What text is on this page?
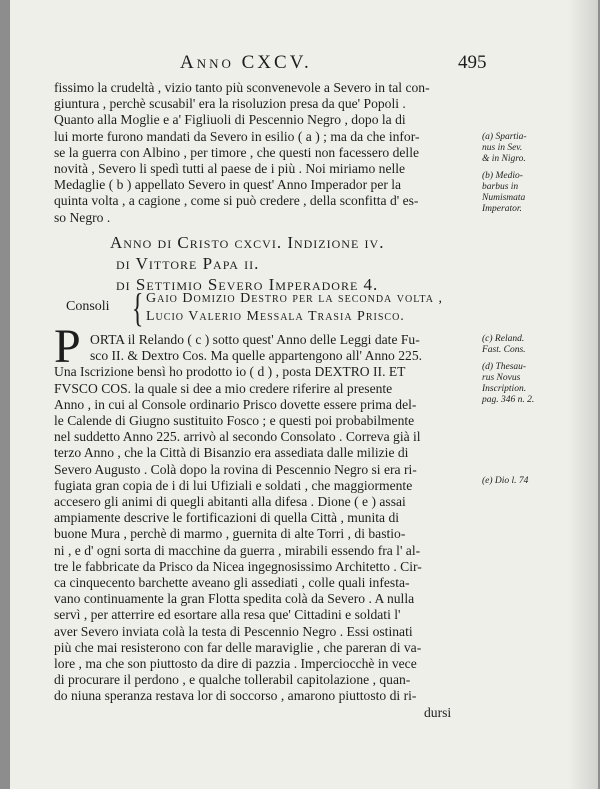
Anno CXCV.	495
fissimo la crudeltà , vizio tanto più sconvenevole a Severo in tal con-
giuntura , perchè scusabil' era la risoluzion presa da que' Popoli .
Quanto alla Moglie e a' Figliuoli di Pescennio Negro , dopo la di
lui morte furono mandati da Severo in esilio ( a ) ; ma da che infor-
se la guerra con Albino , per timore , che questi non facessero delle
novità , Severo li spedì tutti al paese de i più . Noi miriamo nelle
Medaglie ( b ) appellato Severo in quest' Anno Imperador per la
quinta volta , a cagione , come si può credere , della sconfitta d' es-
so Negro .
(a) Spartia-
nus in Sev.
& in Nigro.
(b) Medio-
barbus in
Numismata
Imperator.
Anno di Cristo cxcvi. Indizione iv.
di Vittore Papa ii.
di Settimio Severo Imperadore 4.
Consoli { Gaio Domizio Destro per la seconda volta ,
Lucio Valerio Messala Trasia Prisco.
P ORTA il Relando ( c ) sotto quest' Anno delle Leggi date Fu-
sco II. & Dextro Cos. Ma quelle appartengono all' Anno 225.
Una Iscrizione bensì ho prodotto io ( d ) , posta DEXTRO II. ET
FVSCO COS. la quale si dee a mio credere riferire al presente
Anno , in cui al Console ordinario Prisco dovette essere prima del-
le Calende di Giugno sustituito Fosco ; e questi poi probabilmente
nel suddetto Anno 225. arrivò al secondo Consolato . Correva già il
terzo Anno , che la Città di Bisanzio era assediata dalle milizie di
Severo Augusto . Colà dopo la rovina di Pescennio Negro si era ri-
fugiata gran copia de i di lui Ufiziali e soldati , che maggiormente
accesero gli animi di quegli abitanti alla difesa . Dione ( e ) assai
ampiamente descrive le fortificazioni di quella Città , munita di
buone Mura , perchè di marmo , guernita di alte Torri , di bastio-
ni , e d' ogni sorta di macchine da guerra , mirabili essendo fra l' al-
tre le fabbricate da Prisco da Nicea ingegnosissimo Architetto . Cir-
ca cinquecento barchette aveano gli assediati , colle quali infesta-
vano continuamente la gran Flotta spedita colà da Severo . A nulla
servì , per atterrire ed esortare alla resa que' Cittadini e soldati l'
aver Severo inviata colà la testa di Pescennio Negro . Essi ostinati
più che mai resisterono con far delle maraviglie , che pareran di va-
lore , ma che son piuttosto da dire di pazzia . Imperciocchè in vece
di procurare il perdono , e qualche tollerabil capitolazione , quan-
do niuna speranza restava lor di soccorso , amarono piuttosto di ri-
dursi
(c) Reland.
Fast. Cons.
(d) Thesau-
rus Novus
Inscription.
pag. 346 n. 2.
(e) Dio l. 74
